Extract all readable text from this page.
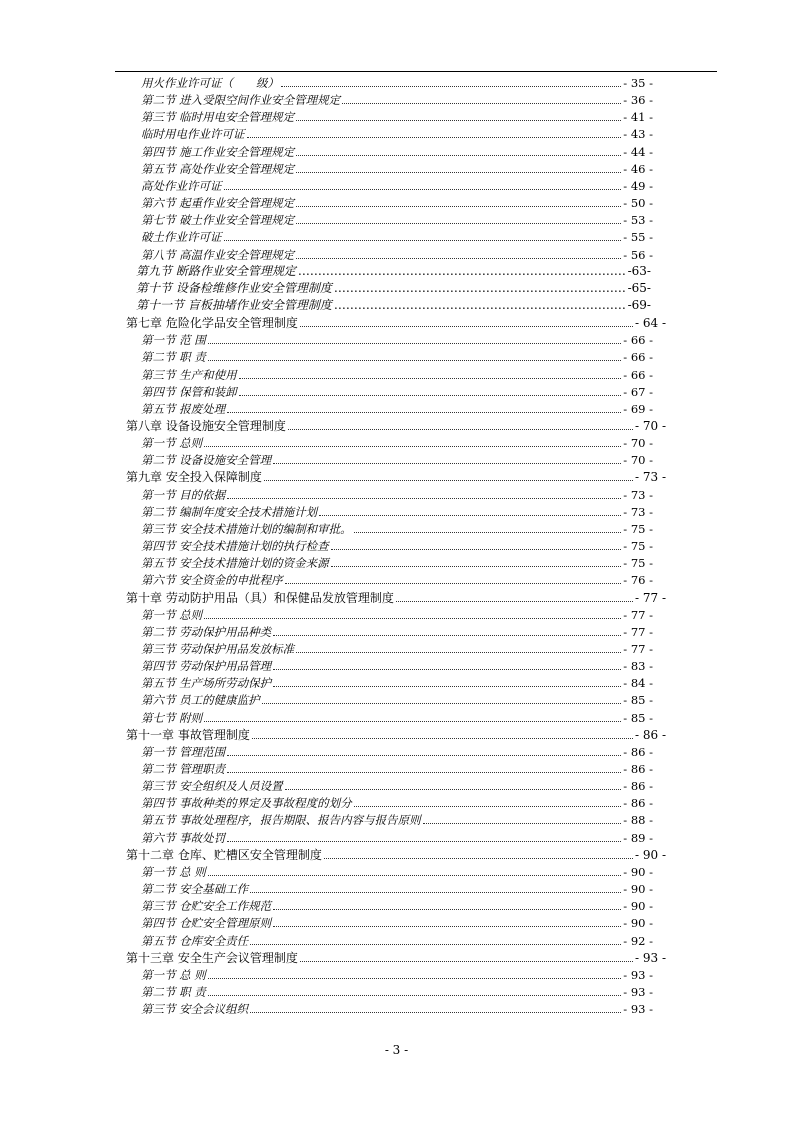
用火作业许可证（　　级）	- 35 -
第二节 进入受限空间作业安全管理规定	- 36 -
第三节 临时用电安全管理规定	- 41 -
临时用电作业许可证	- 43 -
第四节 施工作业安全管理规定	- 44 -
第五节 高处作业安全管理规定	- 46 -
高处作业许可证	- 49 -
第六节 起重作业安全管理规定	- 50 -
第七节 破土作业安全管理规定	- 53 -
破土作业许可证	- 55 -
第八节 高温作业安全管理规定	- 56 -
第九节 断路作业安全管理规定 ……………………………………………………………………………………………	-63-
第十节 设备检维修作业安全管理制度 ……………………………………………………………………………………………	-65-
第十一节 盲板抽堵作业安全管理制度 ……………………………………………………………………………………………	-69-
第七章 危险化学品安全管理制度	- 64 -
第一节 范 围	- 66 -
第二节 职 责	- 66 -
第三节 生产和使用	- 66 -
第四节 保管和装卸	- 67 -
第五节 报废处理	- 69 -
第八章 设备设施安全管理制度	- 70 -
第一节 总则	- 70 -
第二节 设备设施安全管理	- 70 -
第九章 安全投入保障制度	- 73 -
第一节 目的依据	- 73 -
第二节 编制年度安全技术措施计划	- 73 -
第三节 安全技术措施计划的编制和审批。	- 75 -
第四节 安全技术措施计划的执行检查	- 75 -
第五节 安全技术措施计划的资金来源	- 75 -
第六节 安全资金的申批程序	- 76 -
第十章 劳动防护用品（具）和保健品发放管理制度	- 77 -
第一节 总则	- 77 -
第二节 劳动保护用品种类	- 77 -
第三节 劳动保护用品发放标准	- 77 -
第四节 劳动保护用品管理	- 83 -
第五节 生产场所劳动保护	- 84 -
第六节 员工的健康监护	- 85 -
第七节 附则	- 85 -
第十一章 事故管理制度	- 86 -
第一节 管理范围	- 86 -
第二节 管理职责	- 86 -
第三节 安全组织及人员设置	- 86 -
第四节 事故种类的界定及事故程度的划分	- 86 -
第五节 事故处理程序，报告期限、报告内容与报告原则	- 88 -
第六节 事故处罚	- 89 -
第十二章 仓库、贮槽区安全管理制度	- 90 -
第一节 总 则	- 90 -
第二节 安全基础工作	- 90 -
第三节 仓贮安全工作规范	- 90 -
第四节 仓贮安全管理原则	- 90 -
第五节 仓库安全责任	- 92 -
第十三章 安全生产会议管理制度	- 93 -
第一节 总 则	- 93 -
第二节 职 责	- 93 -
第三节 安全会议组织	- 93 -
- 3 -
